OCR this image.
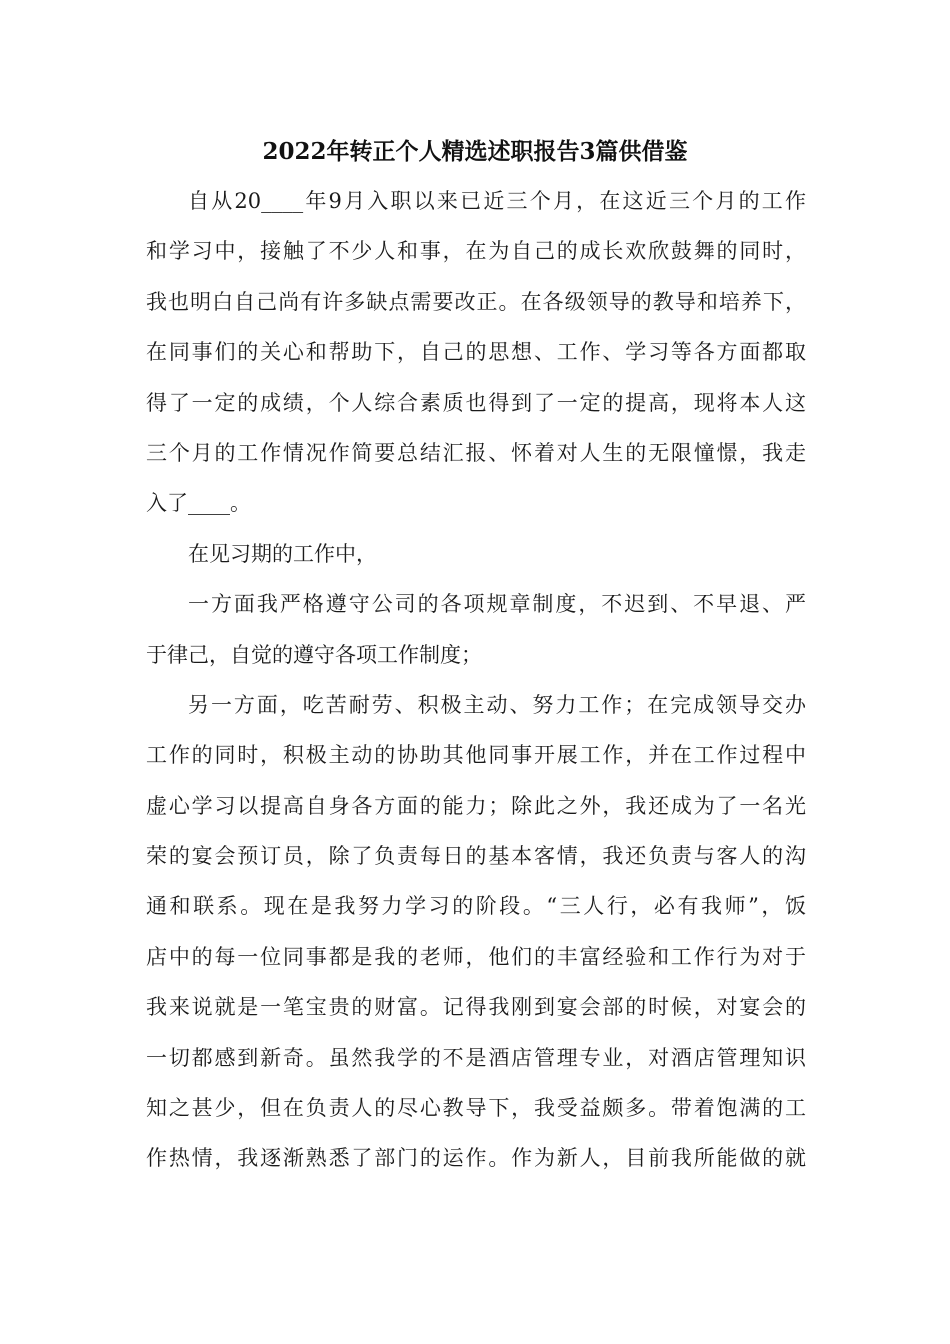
2022年转正个人精选述职报告3篇供借鉴
自从20____年9月入职以来已近三个月，在这近三个月的工作
和学习中，接触了不少人和事，在为自己的成长欢欣鼓舞的同时，
我也明白自己尚有许多缺点需要改正。在各级领导的教导和培养下，
在同事们的关心和帮助下，自己的思想、工作、学习等各方面都取
得了一定的成绩，个人综合素质也得到了一定的提高，现将本人这
三个月的工作情况作简要总结汇报、怀着对人生的无限憧憬，我走
入了____。
在见习期的工作中，
一方面我严格遵守公司的各项规章制度，不迟到、不早退、严
于律己，自觉的遵守各项工作制度；
另一方面，吃苦耐劳、积极主动、努力工作；在完成领导交办
工作的同时，积极主动的协助其他同事开展工作，并在工作过程中
虚心学习以提高自身各方面的能力；除此之外，我还成为了一名光
荣的宴会预订员，除了负责每日的基本客情，我还负责与客人的沟
通和联系。现在是我努力学习的阶段。“三人行，必有我师”，饭
店中的每一位同事都是我的老师，他们的丰富经验和工作行为对于
我来说就是一笔宝贵的财富。记得我刚到宴会部的时候，对宴会的
一切都感到新奇。虽然我学的不是酒店管理专业，对酒店管理知识
知之甚少，但在负责人的尽心教导下，我受益颇多。带着饱满的工
作热情，我逐渐熟悉了部门的运作。作为新人，目前我所能做的就
